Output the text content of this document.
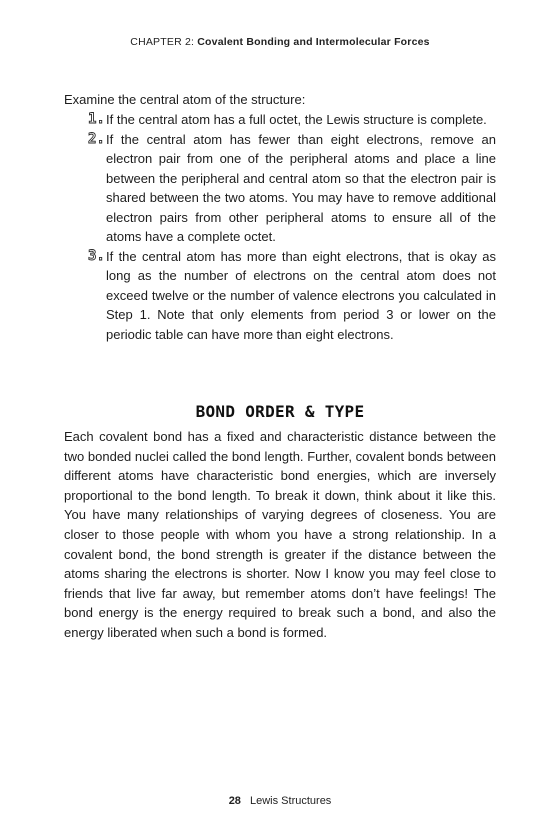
CHAPTER 2: Covalent Bonding and Intermolecular Forces

Examine the central atom of the structure:

1. If the central atom has a full octet, the Lewis structure is complete.
2. If the central atom has fewer than eight electrons, remove an electron pair from one of the peripheral atoms and place a line between the peripheral and central atom so that the electron pair is shared between the two atoms. You may have to remove additional electron pairs from other peripheral atoms to ensure all of the atoms have a complete octet.
3. If the central atom has more than eight electrons, that is okay as long as the number of electrons on the central atom does not exceed twelve or the number of valence electrons you calculated in Step 1. Note that only elements from period 3 or lower on the periodic table can have more than eight electrons.
BOND ORDER & TYPE

Each covalent bond has a fixed and characteristic distance between the two bonded nuclei called the bond length. Further, covalent bonds between different atoms have characteristic bond energies, which are inversely proportional to the bond length. To break it down, think about it like this. You have many relationships of varying degrees of closeness. You are closer to those people with whom you have a strong relationship. In a covalent bond, the bond strength is greater if the distance between the atoms sharing the electrons is shorter. Now I know you may feel close to friends that live far away, but remember atoms don’t have feelings! The bond energy is the energy required to break such a bond, and also the energy liberated when such a bond is formed.

28 Lewis Structures
